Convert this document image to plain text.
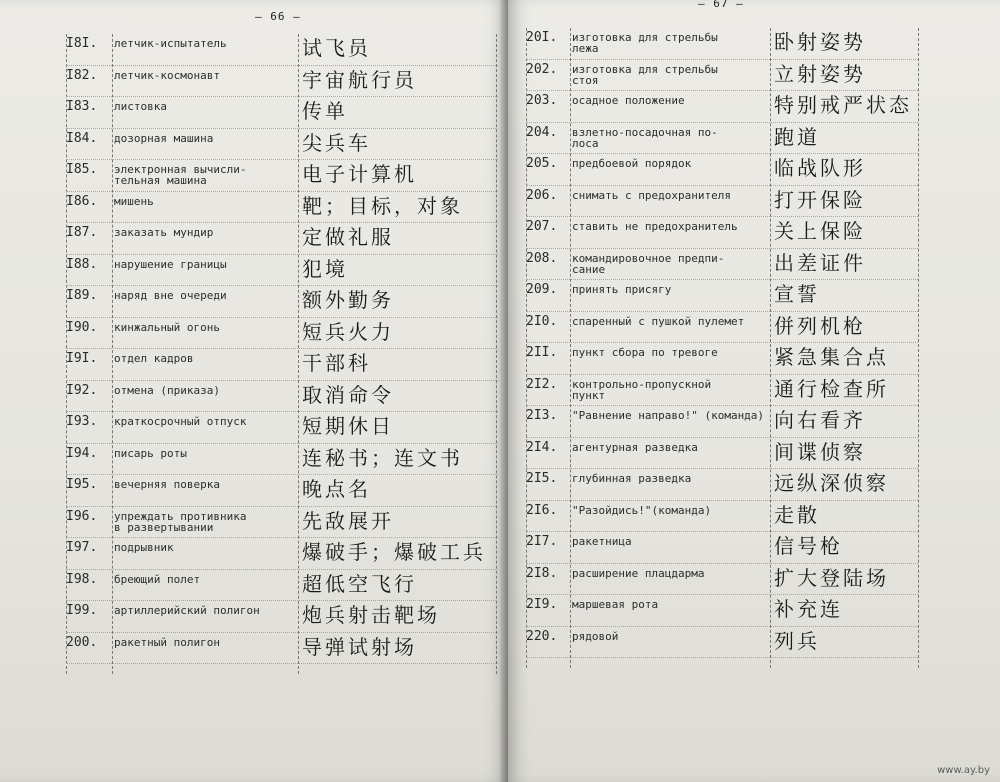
— 66 —
I8I.	летчик-испытатель	试飞员
I82.	летчик-космонавт	宇宙航行员
I83.	листовка	传单
I84.	дозорная машина	尖兵车
I85.	электронная вычисли-
тельная машина	电子计算机
I86.	мишень	靶；目标，对象
I87.	заказать мундир	定做礼服
I88.	нарушение границы	犯境
I89.	наряд вне очереди	额外勤务
I90.	кинжальный огонь	短兵火力
I9I.	отдел кадров	干部科
I92.	отмена (приказа)	取消命令
I93.	краткосрочный отпуск	短期休日
I94.	писарь роты	连秘书；连文书
I95.	вечерняя поверка	晚点名
I96.	упреждать противника
в развертывании	先敌展开
I97.	подрывник	爆破手；爆破工兵
I98.	бреющий полет	超低空飞行
I99.	артиллерийский полигон	炮兵射击靶场
200.	ракетный полигон	导弹试射场
— 67 —
20I.	изготовка для стрельбы
лежа	卧射姿势
202.	изготовка для стрельбы
стоя	立射姿势
203.	осадное положение	特别戒严状态
204.	взлетно-посадочная по-
лоса	跑道
205.	предбоевой порядок	临战队形
206.	снимать с предохранителя	打开保险
207.	ставить не предохранитель	关上保险
208.	командировочное предпи-
сание	出差证件
209.	принять присягу	宣誓
2I0.	спаренный с пушкой пулемет	併列机枪
2II.	пункт сбора по тревоге	紧急集合点
2I2.	контрольно-пропускной
пункт	通行检查所
2I3.	"Равнение направо!" (команда) 向右看齐
2I4.	агентурная разведка	间谍侦察
2I5.	глубинная разведка	远纵深侦察
2I6.	"Разойдись!"(команда)	走散
2I7.	ракетница	信号枪
2I8.	расширение плацдарма	扩大登陆场
2I9.	маршевая рота	补充连
220.	рядовой	列兵
www.ay.by
